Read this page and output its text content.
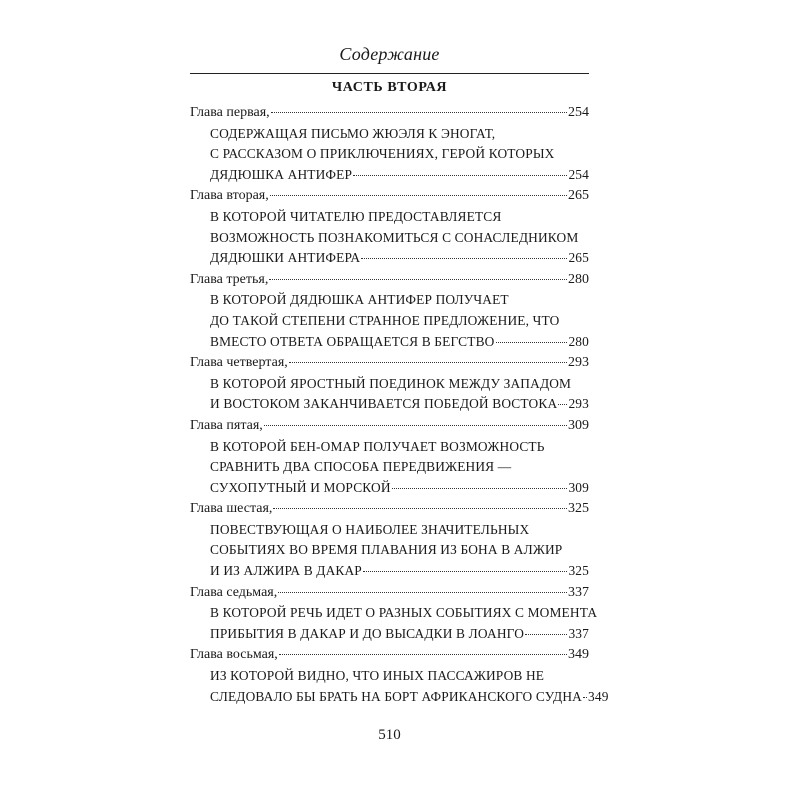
Содержание
ЧАСТЬ ВТОРАЯ
Глава первая,	254
СОДЕРЖАЩАЯ ПИСЬМО ЖЮЭЛЯ К ЭНОГАТ,
С РАССКАЗОМ О ПРИКЛЮЧЕНИЯХ, ГЕРОЙ КОТОРЫХ
ДЯДЮШКА АНТИФЕР	254
Глава вторая,	265
В КОТОРОЙ ЧИТАТЕЛЮ ПРЕДОСТАВЛЯЕТСЯ
ВОЗМОЖНОСТЬ ПОЗНАКОМИТЬСЯ С СОНАСЛЕДНИКОМ
ДЯДЮШКИ АНТИФЕРА	265
Глава третья,	280
В КОТОРОЙ ДЯДЮШКА АНТИФЕР ПОЛУЧАЕТ
ДО ТАКОЙ СТЕПЕНИ СТРАННОЕ ПРЕДЛОЖЕНИЕ, ЧТО
ВМЕСТО ОТВЕТА ОБРАЩАЕТСЯ В БЕГСТВО	280
Глава четвертая,	293
В КОТОРОЙ ЯРОСТНЫЙ ПОЕДИНОК МЕЖДУ ЗАПАДОМ
И ВОСТОКОМ ЗАКАНЧИВАЕТСЯ ПОБЕДОЙ ВОСТОКА 293
Глава пятая,	309
В КОТОРОЙ БЕН-ОМАР ПОЛУЧАЕТ ВОЗМОЖНОСТЬ
СРАВНИТЬ ДВА СПОСОБА ПЕРЕДВИЖЕНИЯ —
СУХОПУТНЫЙ И МОРСКОЙ	309
Глава шестая,	325
ПОВЕСТВУЮЩАЯ О НАИБОЛЕЕ ЗНАЧИТЕЛЬНЫХ
СОБЫТИЯХ ВО ВРЕМЯ ПЛАВАНИЯ ИЗ БОНА В АЛЖИР
И ИЗ АЛЖИРА В ДАКАР	325
Глава седьмая,	337
В КОТОРОЙ РЕЧЬ ИДЕТ О РАЗНЫХ СОБЫТИЯХ С МОМЕНТА
ПРИБЫТИЯ В ДАКАР И ДО ВЫСАДКИ В ЛОАНГО	337
Глава восьмая,	349
ИЗ КОТОРОЙ ВИДНО, ЧТО ИНЫХ ПАССАЖИРОВ НЕ
СЛЕДОВАЛО БЫ БРАТЬ НА БОРТ АФРИКАНСКОГО СУДНА 349
510
